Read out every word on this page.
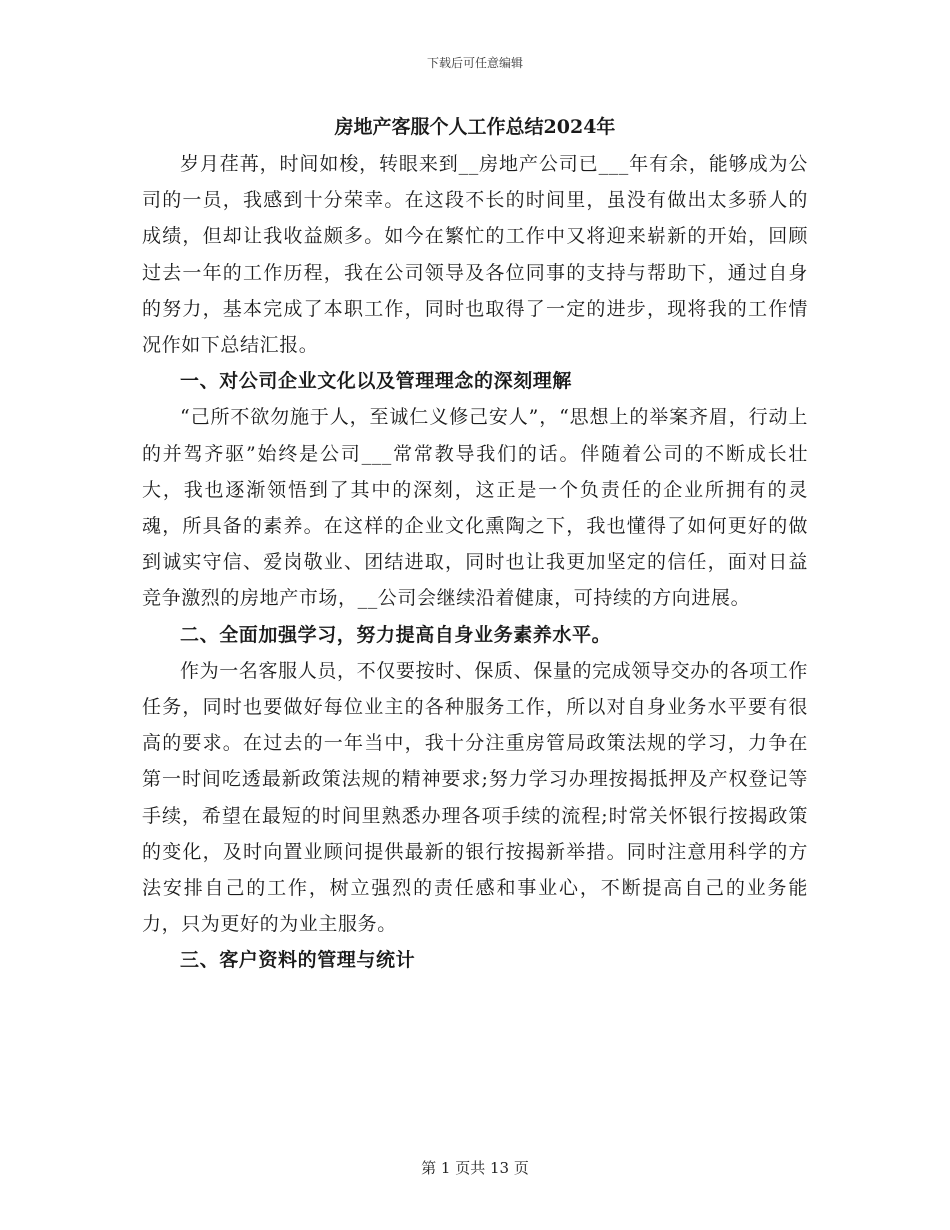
下载后可任意编辑

房地产客服个人工作总结2024年

岁月荏苒，时间如梭，转眼来到__房地产公司已___年有余，能够成为公司的一员，我感到十分荣幸。在这段不长的时间里，虽没有做出太多骄人的成绩，但却让我收益颇多。如今在繁忙的工作中又将迎来崭新的开始，回顾过去一年的工作历程，我在公司领导及各位同事的支持与帮助下，通过自身的努力，基本完成了本职工作，同时也取得了一定的进步，现将我的工作情况作如下总结汇报。

一、对公司企业文化以及管理理念的深刻理解

“己所不欲勿施于人，至诚仁义修己安人”，“思想上的举案齐眉，行动上的并驾齐驱”始终是公司___常常教导我们的话。伴随着公司的不断成长壮大，我也逐渐领悟到了其中的深刻，这正是一个负责任的企业所拥有的灵魂，所具备的素养。在这样的企业文化熏陶之下，我也懂得了如何更好的做到诚实守信、爱岗敬业、团结进取，同时也让我更加坚定的信任，面对日益竞争激烈的房地产市场，__公司会继续沿着健康，可持续的方向进展。

二、全面加强学习，努力提高自身业务素养水平。

作为一名客服人员，不仅要按时、保质、保量的完成领导交办的各项工作任务，同时也要做好每位业主的各种服务工作，所以对自身业务水平要有很高的要求。在过去的一年当中，我十分注重房管局政策法规的学习，力争在第一时间吃透最新政策法规的精神要求;努力学习办理按揭抵押及产权登记等手续，希望在最短的时间里熟悉办理各项手续的流程;时常关怀银行按揭政策的变化，及时向置业顾问提供最新的银行按揭新举措。同时注意用科学的方法安排自己的工作，树立强烈的责任感和事业心，不断提高自己的业务能力，只为更好的为业主服务。

三、客户资料的管理与统计

第 1 页共 13 页
